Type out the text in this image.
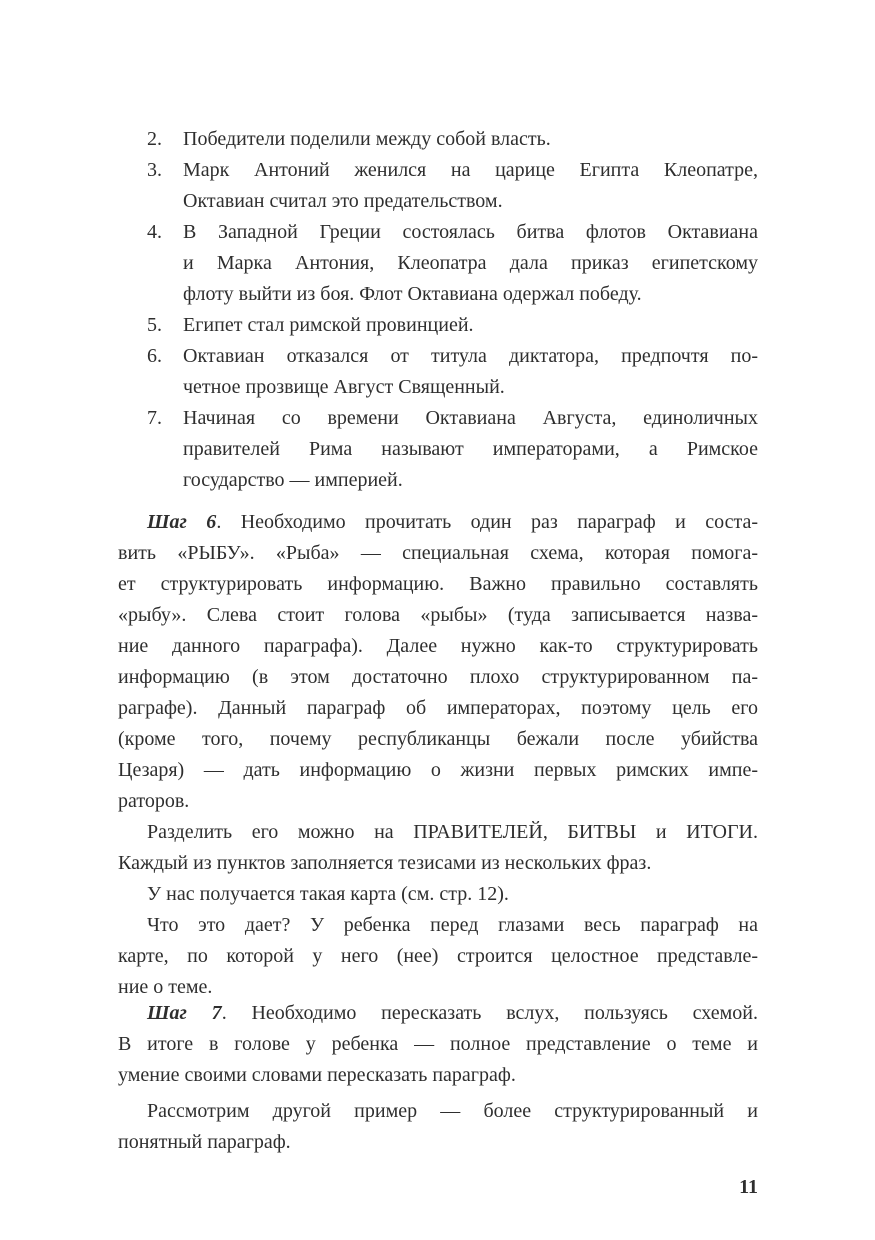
2. Победители поделили между собой власть.
3. Марк Антоний женился на царице Египта Клеопатре,
Октавиан считал это предательством.
4. В Западной Греции состоялась битва флотов Октавиана
и Марка Антония, Клеопатра дала приказ египетскому
флоту выйти из боя. Флот Октавиана одержал победу.
5. Египет стал римской провинцией.
6. Октавиан отказался от титула диктатора, предпочтя по-
четное прозвище Август Священный.
7. Начиная со времени Октавиана Августа, единоличных
правителей Рима называют императорами, а Римское
государство — империей.
Шаг 6. Необходимо прочитать один раз параграф и соста-
вить «РЫБУ». «Рыба» — специальная схема, которая помога-
ет структурировать информацию. Важно правильно составлять
«рыбу». Слева стоит голова «рыбы» (туда записывается назва-
ние данного параграфа). Далее нужно как-то структурировать
информацию (в этом достаточно плохо структурированном па-
раграфе). Данный параграф об императорах, поэтому цель его
(кроме того, почему республиканцы бежали после убийства
Цезаря) — дать информацию о жизни первых римских импе-
раторов.
Разделить его можно на ПРАВИТЕЛЕЙ, БИТВЫ и ИТОГИ.
Каждый из пунктов заполняется тезисами из нескольких фраз.
У нас получается такая карта (см. стр. 12).
Что это дает? У ребенка перед глазами весь параграф на
карте, по которой у него (нее) строится целостное представле-
ние о теме.
Шаг 7. Необходимо пересказать вслух, пользуясь схемой.
В итоге в голове у ребенка — полное представление о теме и
умение своими словами пересказать параграф.
Рассмотрим другой пример — более структурированный и
понятный параграф.
11
